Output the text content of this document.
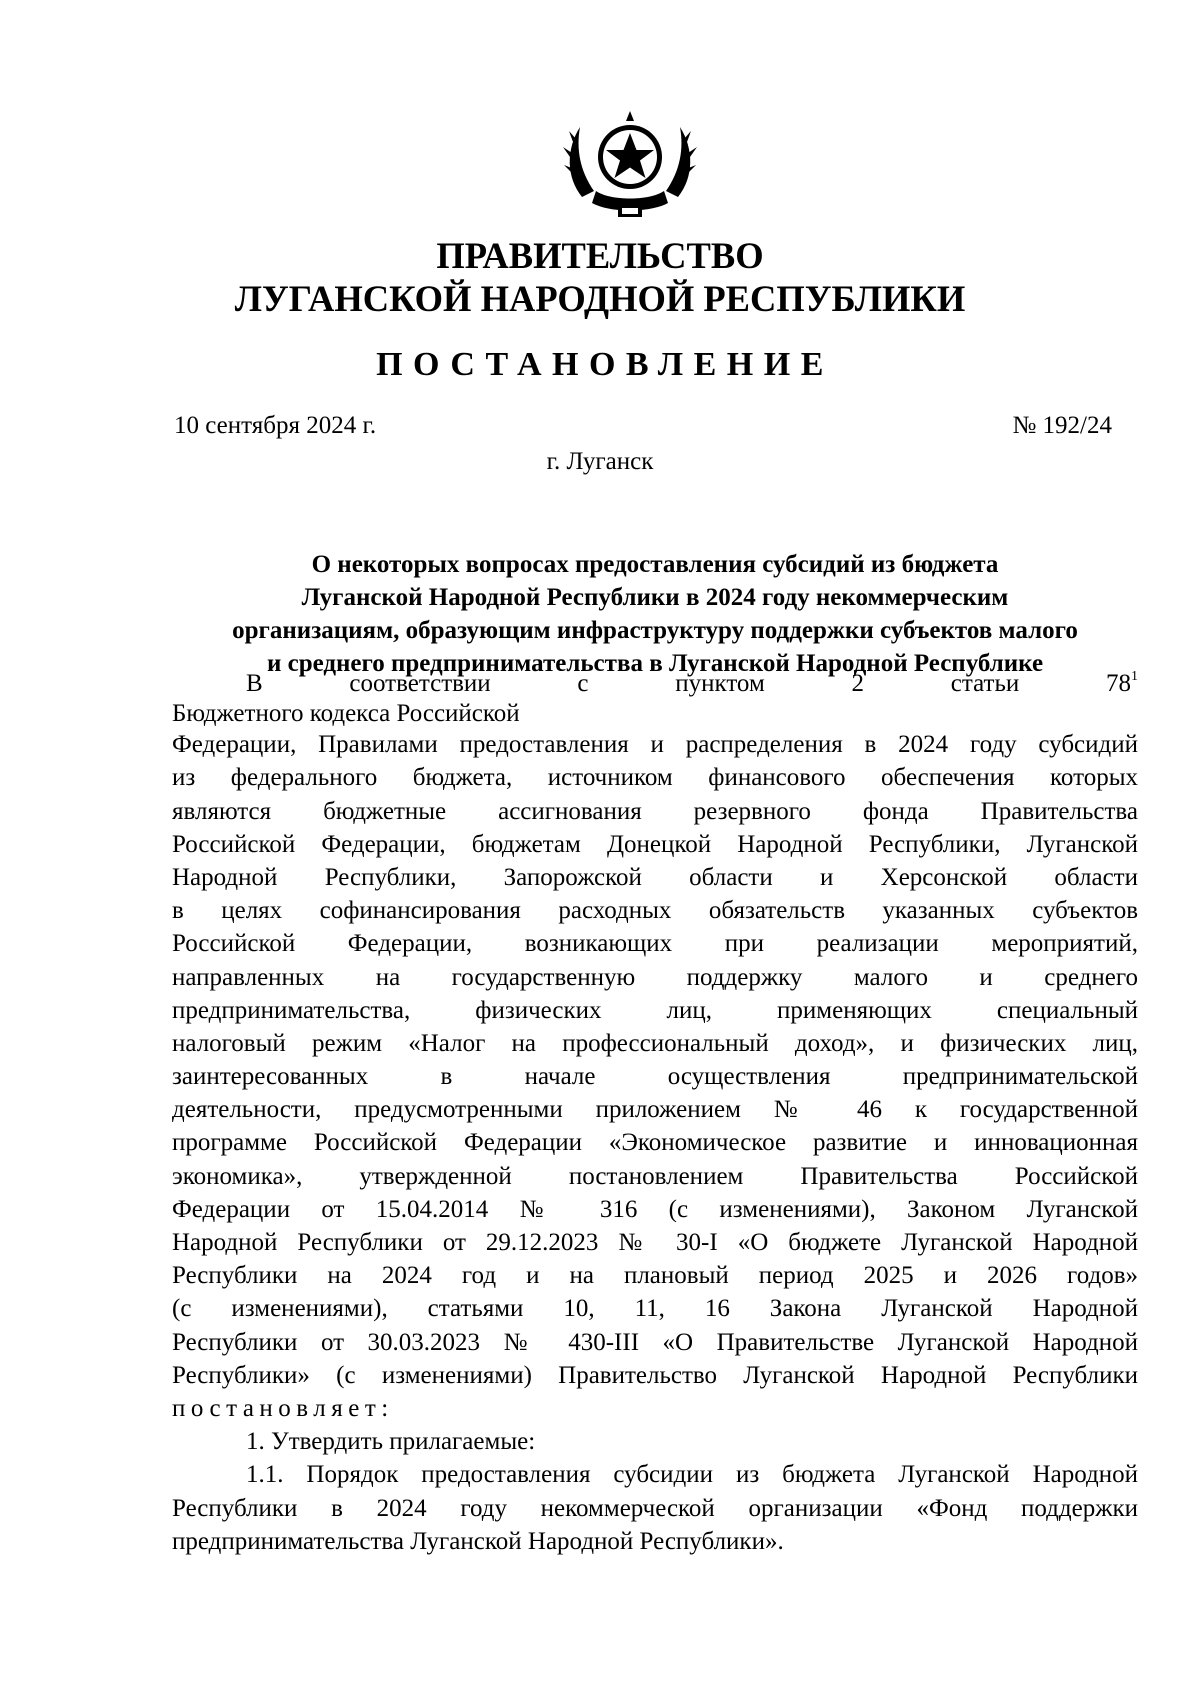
ПРАВИТЕЛЬСТВО
ЛУГАНСКОЙ НАРОДНОЙ РЕСПУБЛИКИ
ПОСТАНОВЛЕНИЕ
10 сентября 2024 г.	№ 192/24
г. Луганск
О некоторых вопросах предоставления субсидий из бюджета
Луганской Народной Республики в 2024 году некоммерческим
организациям, образующим инфраструктуру поддержки субъектов малого
и среднего предпринимательства в Луганской Народной Республике
В соответствии с пунктом 2 статьи $78^1$
Бюджетного кодекса Российской
Федерации, Правилами предоставления и распределения в 2024 году субсидий
из федерального бюджета, источником финансового обеспечения которых
являются бюджетные ассигнования резервного фонда Правительства
Российской Федерации, бюджетам Донецкой Народной Республики, Луганской
Народной Республики, Запорожской области и Херсонской области
в целях софинансирования расходных обязательств указанных субъектов
Российской Федерации, возникающих при реализации мероприятий,
направленных на государственную поддержку малого и среднего
предпринимательства, физических лиц, применяющих специальный
налоговый режим «Налог на профессиональный доход», и физических лиц,
заинтересованных в начале осуществления предпринимательской
деятельности, предусмотренными приложением № 46 к государственной
программе Российской Федерации «Экономическое развитие и инновационная
экономика», утвержденной постановлением Правительства Российской
Федерации от 15.04.2014 № 316 (с изменениями), Законом Луганской
Народной Республики от 29.12.2023 № 30-I «О бюджете Луганской Народной
Республики на 2024 год и на плановый период 2025 и 2026 годов»
(с изменениями), статьями 10, 11, 16 Закона Луганской Народной
Республики от 30.03.2023 № 430-III «О Правительстве Луганской Народной
Республики» (с изменениями) Правительство Луганской Народной Республики
постановляет:
1. Утвердить прилагаемые:
1.1. Порядок предоставления субсидии из бюджета Луганской Народной
Республики в 2024 году некоммерческой организации «Фонд поддержки
предпринимательства Луганской Народной Республики».
